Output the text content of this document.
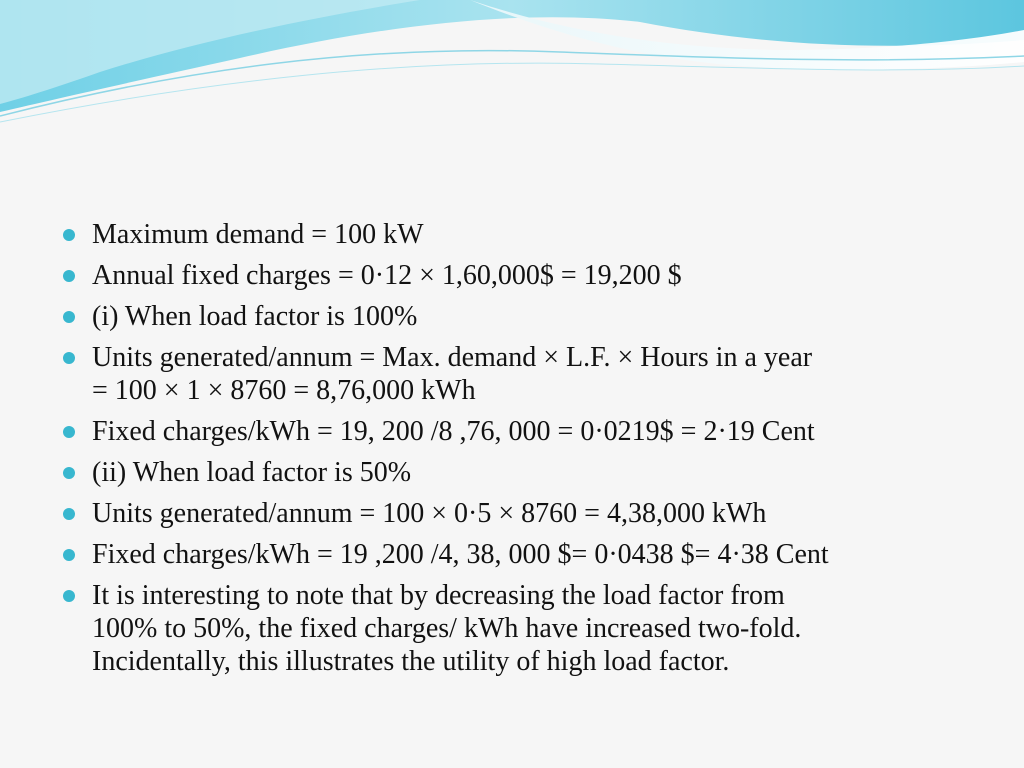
Maximum demand = 100 kW
Annual fixed charges = 0·12 × 1,60,000$ = 19,200 $
(i) When load factor is 100%
Units generated/annum = Max. demand × L.F. × Hours in a year
= 100 × 1 × 8760 = 8,76,000 kWh
Fixed charges/kWh = 19, 200 /8 ,76, 000 = 0·0219$ = 2·19 Cent
(ii) When load factor is 50%
Units generated/annum = 100 × 0·5 × 8760 = 4,38,000 kWh
Fixed charges/kWh = 19 ,200 /4, 38, 000 $= 0·0438 $= 4·38 Cent
It is interesting to note that by decreasing the load factor from
100% to 50%, the fixed charges/ kWh have increased two-fold.
Incidentally, this illustrates the utility of high load factor.
